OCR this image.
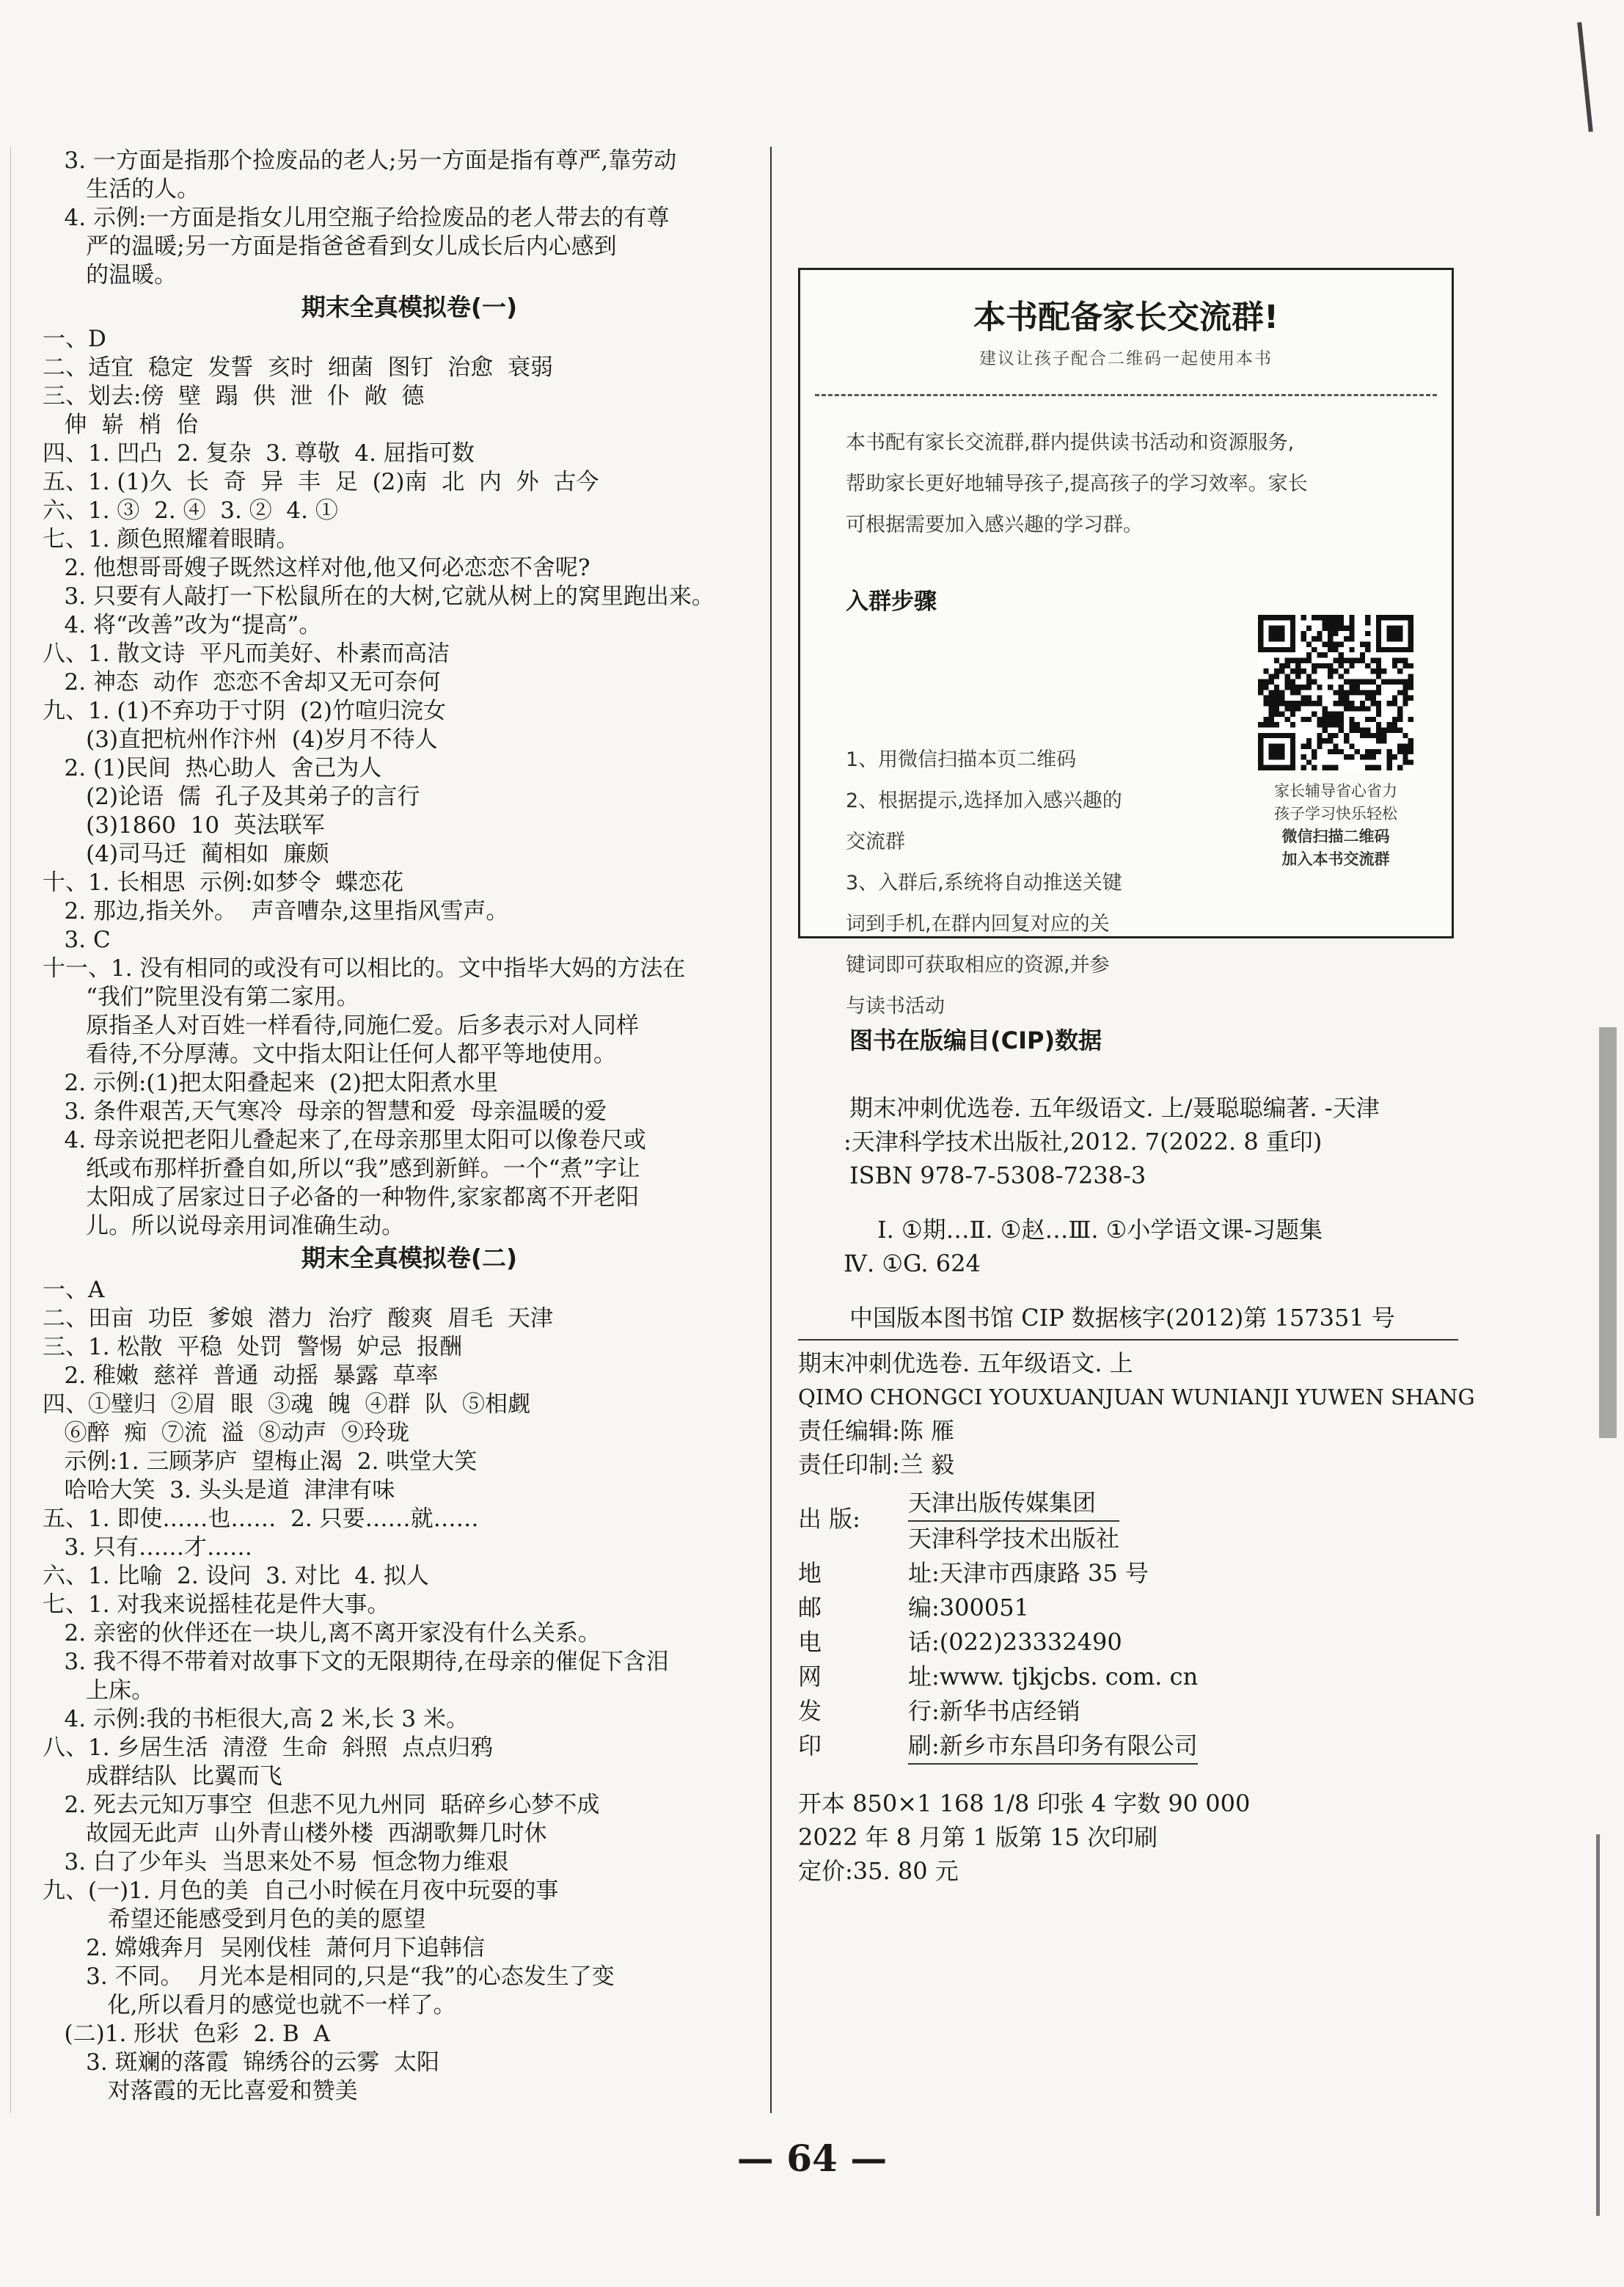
3. 一方面是指那个捡废品的老人;另一方面是指有尊严,靠劳动
生活的人。
4. 示例:一方面是指女儿用空瓶子给捡废品的老人带去的有尊
严的温暖;另一方面是指爸爸看到女儿成长后内心感到
的温暖。
期末全真模拟卷(一)
一、D
二、适宜  稳定  发誓  亥时  细菌  图钉  治愈  衰弱
三、划去:傍  壁  蹋  供  泄  仆  敞  德
伸  崭  梢  佁
四、1. 凹凸  2. 复杂  3. 尊敬  4. 屈指可数
五、1. (1)久  长  奇  异  丰  足  (2)南  北  内  外  古今
六、1. ③  2. ④  3. ②  4. ①
七、1. 颜色照耀着眼睛。
2. 他想哥哥嫂子既然这样对他,他又何必恋恋不舍呢?
3. 只要有人敲打一下松鼠所在的大树,它就从树上的窝里跑出来。
4. 将“改善”改为“提高”。
八、1. 散文诗  平凡而美好、朴素而高洁
2. 神态  动作  恋恋不舍却又无可奈何
九、1. (1)不弃功于寸阴  (2)竹喧归浣女
(3)直把杭州作汴州  (4)岁月不待人
2. (1)民间  热心助人  舍己为人
(2)论语  儒  孔子及其弟子的言行
(3)1860  10  英法联军
(4)司马迁  蔺相如  廉颇
十、1. 长相思  示例:如梦令  蝶恋花
2. 那边,指关外。  声音嘈杂,这里指风雪声。
3. C
十一、1. 没有相同的或没有可以相比的。文中指毕大妈的方法在
“我们”院里没有第二家用。
原指圣人对百姓一样看待,同施仁爱。后多表示对人同样
看待,不分厚薄。文中指太阳让任何人都平等地使用。
2. 示例:(1)把太阳叠起来  (2)把太阳煮水里
3. 条件艰苦,天气寒冷  母亲的智慧和爱  母亲温暖的爱
4. 母亲说把老阳儿叠起来了,在母亲那里太阳可以像卷尺或
纸或布那样折叠自如,所以“我”感到新鲜。一个“煮”字让
太阳成了居家过日子必备的一种物件,家家都离不开老阳
儿。所以说母亲用词准确生动。
期末全真模拟卷(二)
一、A
二、田亩  功臣  爹娘  潜力  治疗  酸爽  眉毛  天津
三、1. 松散  平稳  处罚  警惕  妒忌  报酬
2. 稚嫩  慈祥  普通  动摇  暴露  草率
四、①璧归  ②眉  眼  ③魂  魄  ④群  队  ⑤相觑
⑥醉  痴  ⑦流  溢  ⑧动声  ⑨玲珑
示例:1. 三顾茅庐  望梅止渴  2. 哄堂大笑
哈哈大笑  3. 头头是道  津津有味
五、1. 即使……也……  2. 只要……就……
3. 只有……才……
六、1. 比喻  2. 设问  3. 对比  4. 拟人
七、1. 对我来说摇桂花是件大事。
2. 亲密的伙伴还在一块儿,离不离开家没有什么关系。
3. 我不得不带着对故事下文的无限期待,在母亲的催促下含泪
上床。
4. 示例:我的书柜很大,高 2 米,长 3 米。
八、1. 乡居生活  清澄  生命  斜照  点点归鸦
成群结队  比翼而飞
2. 死去元知万事空  但悲不见九州同  聒碎乡心梦不成
故园无此声  山外青山楼外楼  西湖歌舞几时休
3. 白了少年头  当思来处不易  恒念物力维艰
九、(一)1. 月色的美  自己小时候在月夜中玩耍的事
希望还能感受到月色的美的愿望
2. 嫦娥奔月  吴刚伐桂  萧何月下追韩信
3. 不同。  月光本是相同的,只是“我”的心态发生了变
化,所以看月的感觉也就不一样了。
(二)1. 形状  色彩  2. B  A
3. 斑斓的落霞  锦绣谷的云雾  太阳
对落霞的无比喜爱和赞美
本书配备家长交流群!
建议让孩子配合二维码一起使用本书
本书配有家长交流群,群内提供读书活动和资源服务,
帮助家长更好地辅导孩子,提高孩子的学习效率。家长
可根据需要加入感兴趣的学习群。
入群步骤
1、用微信扫描本页二维码
2、根据提示,选择加入感兴趣的
交流群
3、入群后,系统将自动推送关键
词到手机,在群内回复对应的关
键词即可获取相应的资源,并参
与读书活动
家长辅导省心省力
孩子学习快乐轻松
微信扫描二维码
加入本书交流群
图书在版编目(CIP)数据
期末冲刺优选卷. 五年级语文. 上/聂聪聪编著. -天津
:天津科学技术出版社,2012. 7(2022. 8 重印)
ISBN 978-7-5308-7238-3
Ⅰ. ①期…Ⅱ. ①赵…Ⅲ. ①小学语文课-习题集
Ⅳ. ①G. 624
中国版本图书馆 CIP 数据核字(2012)第 157351 号
期末冲刺优选卷. 五年级语文. 上
QIMO CHONGCI YOUXUANJUAN WUNIANJI YUWEN SHANG
责任编辑:陈 雁
责任印制:兰 毅
出 版:
天津出版传媒集团
天津科学技术出版社
地	址:天津市西康路 35 号
邮	编:300051
电	话:(022)23332490
网	址:www. tjkjcbs. com. cn
发	行:新华书店经销
印	刷:新乡市东昌印务有限公司
开本 850×1 168 1/8 印张 4 字数 90 000
2022 年 8 月第 1 版第 15 次印刷
定价:35. 80 元
— 64 —
